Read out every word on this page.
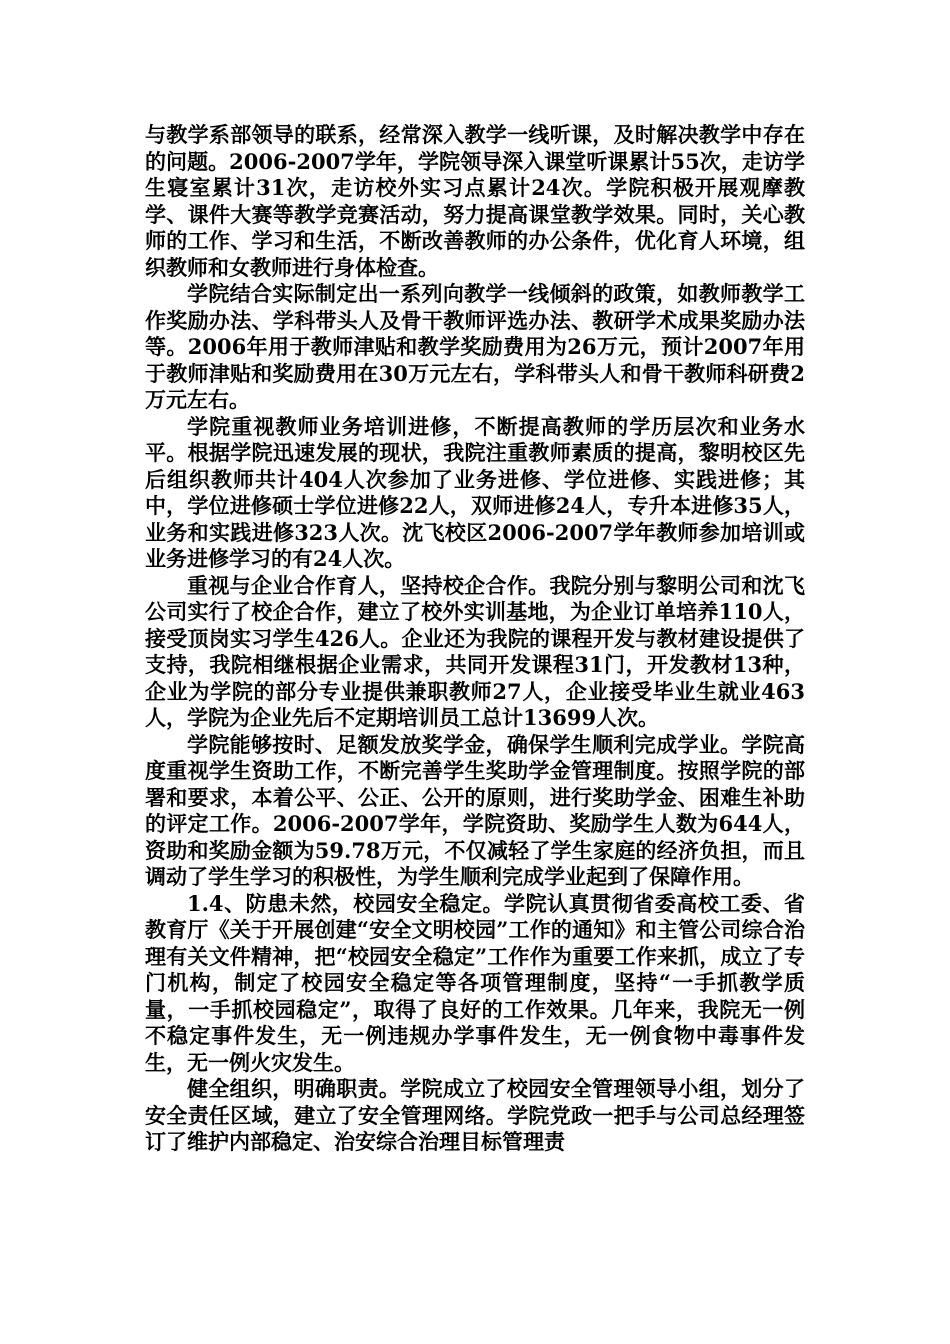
与教学系部领导的联系，经常深入教学一线听课，及时解决教学中存在的问题。2006-2007学年，学院领导深入课堂听课累计55次，走访学生寝室累计31次，走访校外实习点累计24次。学院积极开展观摩教学、课件大赛等教学竞赛活动，努力提高课堂教学效果。同时，关心教师的工作、学习和生活，不断改善教师的办公条件，优化育人环境，组织教师和女教师进行身体检查。

学院结合实际制定出一系列向教学一线倾斜的政策，如教师教学工作奖励办法、学科带头人及骨干教师评选办法、教研学术成果奖励办法等。2006年用于教师津贴和教学奖励费用为26万元，预计2007年用于教师津贴和奖励费用在30万元左右，学科带头人和骨干教师科研费2万元左右。

学院重视教师业务培训进修，不断提高教师的学历层次和业务水平。根据学院迅速发展的现状，我院注重教师素质的提高，黎明校区先后组织教师共计404人次参加了业务进修、学位进修、实践进修；其中，学位进修硕士学位进修22人，双师进修24人，专升本进修35人，业务和实践进修323人次。沈飞校区2006-2007学年教师参加培训或业务进修学习的有24人次。

重视与企业合作育人，坚持校企合作。我院分别与黎明公司和沈飞公司实行了校企合作，建立了校外实训基地，为企业订单培养110人，接受顶岗实习学生426人。企业还为我院的课程开发与教材建设提供了支持，我院相继根据企业需求，共同开发课程31门，开发教材13种，企业为学院的部分专业提供兼职教师27人，企业接受毕业生就业463人，学院为企业先后不定期培训员工总计13699人次。

学院能够按时、足额发放奖学金，确保学生顺利完成学业。学院高度重视学生资助工作，不断完善学生奖助学金管理制度。按照学院的部署和要求，本着公平、公正、公开的原则，进行奖助学金、困难生补助的评定工作。2006-2007学年，学院资助、奖励学生人数为644人，资助和奖励金额为59.78万元，不仅减轻了学生家庭的经济负担，而且调动了学生学习的积极性，为学生顺利完成学业起到了保障作用。

1.4、防患未然，校园安全稳定。学院认真贯彻省委高校工委、省教育厅《关于开展创建“安全文明校园”工作的通知》和主管公司综合治理有关文件精神，把“校园安全稳定”工作作为重要工作来抓，成立了专门机构，制定了校园安全稳定等各项管理制度，坚持“一手抓教学质量，一手抓校园稳定”，取得了良好的工作效果。几年来，我院无一例不稳定事件发生，无一例违规办学事件发生，无一例食物中毒事件发生，无一例火灾发生。

健全组织，明确职责。学院成立了校园安全管理领导小组，划分了安全责任区域，建立了安全管理网络。学院党政一把手与公司总经理签订了维护内部稳定、治安综合治理目标管理责
